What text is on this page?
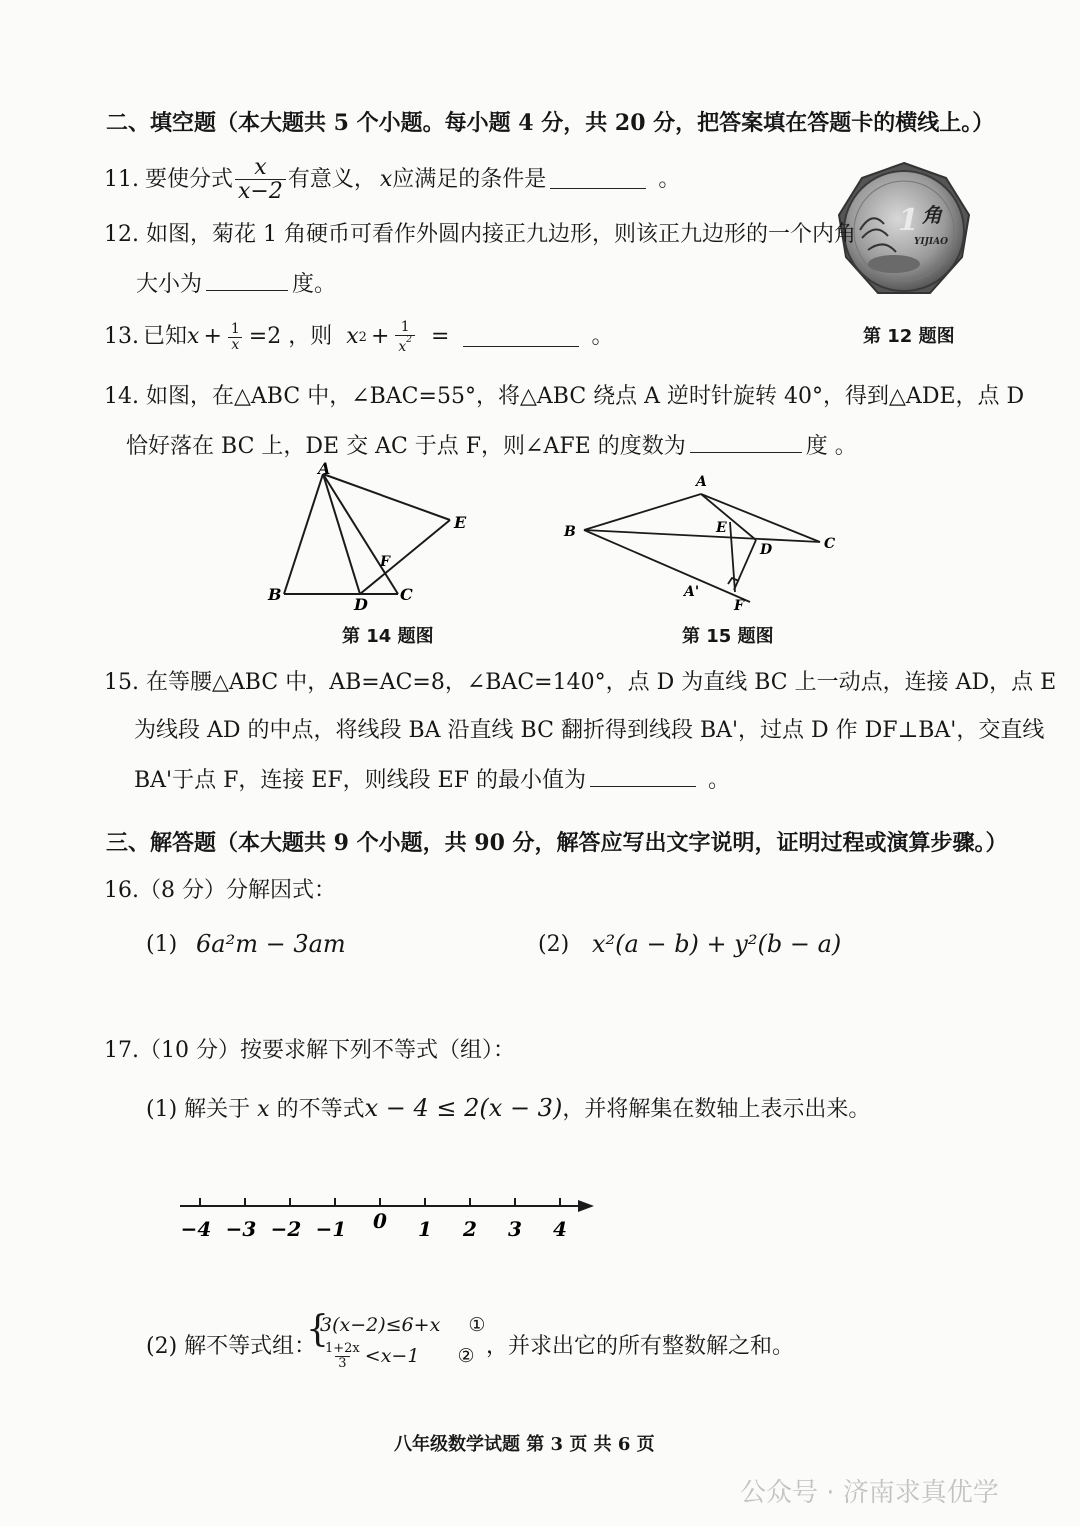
二、填空题（本大题共 5 个小题。每小题 4 分，共 20 分，把答案填在答题卡的横线上。）
11. 要使分式 $\frac{x}{x-2}$ 有意义， x 应满足的条件是	。
1 角
YIJIAO
12. 如图，菊花 1 角硬币可看作外圆内接正九边形，则该正九边形的一个内角
大小为	度。
第 12 题图
13. 已知 $x + \frac{1}{x} =2$ ，则 x $2 + \frac{1}{x^2}$ =	。
14. 如图，在△ABC 中，∠BAC=55°，将△ABC 绕点 A 逆时针旋转 40°，得到△ADE，点 D
恰好落在 BC 上，DE 交 AC 于点 F，则∠AFE 的度数为	度 。
A
B
D
C
E
F
第 14 题图
A
B
C
E
D
A'
F
第 15 题图
15. 在等腰△ABC 中，AB=AC=8，∠BAC=140°，点 D 为直线 BC 上一动点，连接 AD，点 E
为线段 AD 的中点，将线段 BA 沿直线 BC 翻折得到线段 BA'，过点 D 作 DF⊥BA'，交直线
BA'于点 F，连接 EF，则线段 EF 的最小值为	。
三、解答题（本大题共 9 个小题，共 90 分，解答应写出文字说明，证明过程或演算步骤。）
16.（8 分）分解因式：
(1) 6a²m − 3am	(2) x²(a − b) + y²(b − a)
17.（10 分）按要求解下列不等式（组）：
(1) 解关于 x 的不等式x − 4 ≤ 2(x − 3)，并将解集在数轴上表示出来。
−4 −3 −2 −1 0 1 2 3 4
(2) 解不等式组：
{
3(x−2)≤6+x ①
$\frac{1+2x}{3} <x-1$ ② ，并求出它的所有整数解之和。
八年级数学试题 第 3 页 共 6 页
公众号 · 济南求真优学
